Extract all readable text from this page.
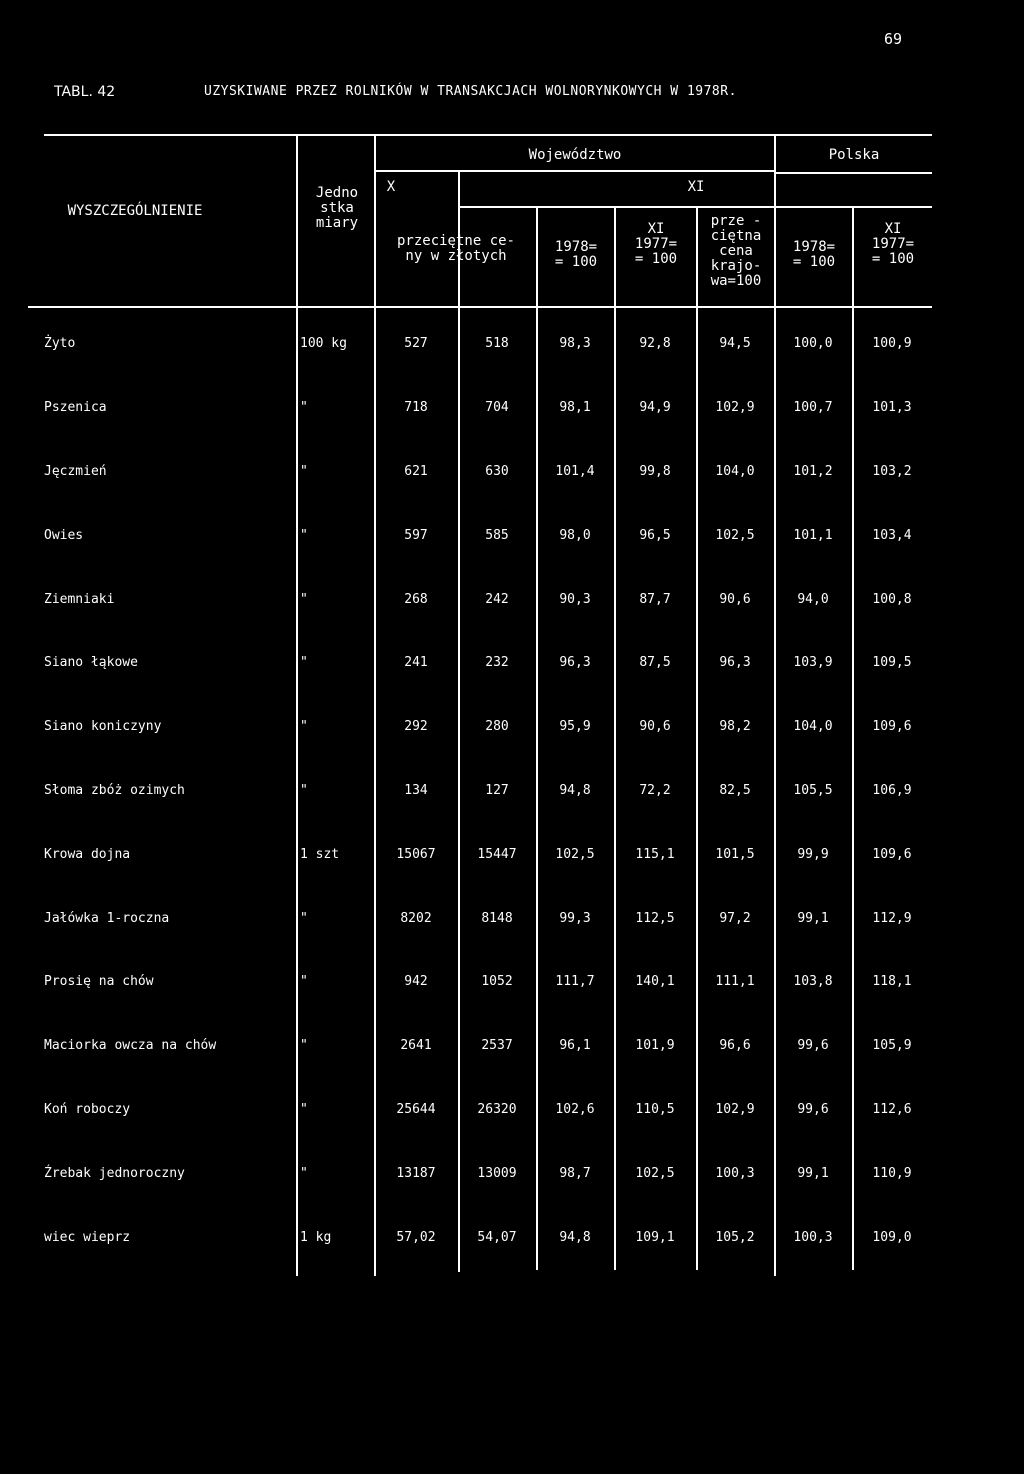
69
TABL. 42	UZYSKIWANE PRZEZ ROLNIKÓW W TRANSAKCJACH WOLNORYNKOWYCH W 1978R.
WYSZCZEGÓLNIENIE
Jedno
stka
miary
Województwo	Polska
X	XI
przeciętne ce-
ny w złotych
1978=
= 100
XI
1977=
= 100
prze -
ciętna
cena
krajo-
wa=100
1978=
= 100
XI
1977=
= 100
Żyto	100 kg	527	518	98,3	92,8	94,5	100,0	100,9
Pszenica	"	718	704	98,1	94,9	102,9	100,7	101,3
Jęczmień	"	621	630	101,4	99,8	104,0	101,2	103,2
Owies	"	597	585	98,0	96,5	102,5	101,1	103,4
Ziemniaki	"	268	242	90,3	87,7	90,6	94,0	100,8
Siano łąkowe	"	241	232	96,3	87,5	96,3	103,9	109,5
Siano koniczyny	"	292	280	95,9	90,6	98,2	104,0	109,6
Słoma zbóż ozimych	"	134	127	94,8	72,2	82,5	105,5	106,9
Krowa dojna	1 szt	15067	15447	102,5	115,1	101,5	99,9	109,6
Jałówka 1-roczna	"	8202	8148	99,3	112,5	97,2	99,1	112,9
Prosię na chów	"	942	1052	111,7	140,1	111,1	103,8	118,1
Maciorka owcza na chów	"	2641	2537	96,1	101,9	96,6	99,6	105,9
Koń roboczy	"	25644	26320	102,6	110,5	102,9	99,6	112,6
Źrebak jednoroczny	"	13187	13009	98,7	102,5	100,3	99,1	110,9
wiec wieprz	1 kg	57,02	54,07	94,8	109,1	105,2	100,3	109,0
